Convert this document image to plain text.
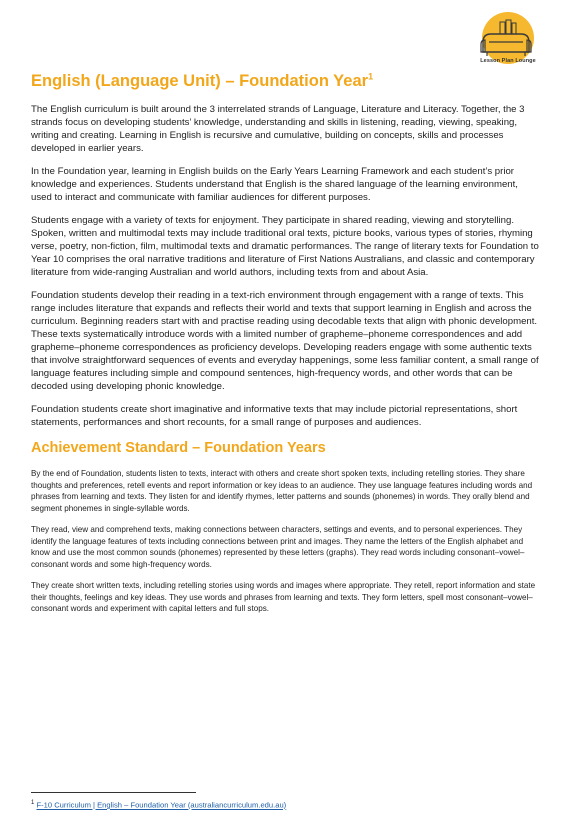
Lesson Plan Lounge
English (Language Unit) – Foundation Year$^1$

The English curriculum is built around the 3 interrelated strands of Language, Literature and Literacy. Together, the 3 strands focus on developing students’ knowledge, understanding and skills in listening, reading, viewing, speaking, writing and creating. Learning in English is recursive and cumulative, building on concepts, skills and processes developed in earlier years.

In the Foundation year, learning in English builds on the Early Years Learning Framework and each student’s prior knowledge and experiences. Students understand that English is the shared language of the learning environment, used to interact and communicate with familiar audiences for different purposes.

Students engage with a variety of texts for enjoyment. They participate in shared reading, viewing and storytelling. Spoken, written and multimodal texts may include traditional oral texts, picture books, various types of stories, rhyming verse, poetry, non-fiction, film, multimodal texts and dramatic performances. The range of literary texts for Foundation to Year 10 comprises the oral narrative traditions and literature of First Nations Australians, and classic and contemporary literature from wide-ranging Australian and world authors, including texts from and about Asia.

Foundation students develop their reading in a text-rich environment through engagement with a range of texts. This range includes literature that expands and reflects their world and texts that support learning in English and across the curriculum. Beginning readers start with and practise reading using decodable texts that align with phonic development. These texts systematically introduce words with a limited number of grapheme–phoneme correspondences and add grapheme–phoneme correspondences as proficiency develops. Developing readers engage with some authentic texts that involve straightforward sequences of events and everyday happenings, some less familiar content, a small range of language features including simple and compound sentences, high-frequency words, and other words that can be decoded using developing phonic knowledge.

Foundation students create short imaginative and informative texts that may include pictorial representations, short statements, performances and short recounts, for a small range of purposes and audiences.

Achievement Standard – Foundation Years

By the end of Foundation, students listen to texts, interact with others and create short spoken texts, including retelling stories. They share thoughts and preferences, retell events and report information or key ideas to an audience. They use language features including words and phrases from learning and texts. They listen for and identify rhymes, letter patterns and sounds (phonemes) in words. They orally blend and segment phonemes in single-syllable words.

They read, view and comprehend texts, making connections between characters, settings and events, and to personal experiences. They identify the language features of texts including connections between print and images. They name the letters of the English alphabet and know and use the most common sounds (phonemes) represented by these letters (graphs). They read words including consonant–vowel–consonant words and some high-frequency words.

They create short written texts, including retelling stories using words and images where appropriate. They retell, report information and state their thoughts, feelings and key ideas. They use words and phrases from learning and texts. They form letters, spell most consonant–vowel–consonant words and experiment with capital letters and full stops.

$^1$ F-10 Curriculum | English – Foundation Year (australiancurriculum.edu.au)
